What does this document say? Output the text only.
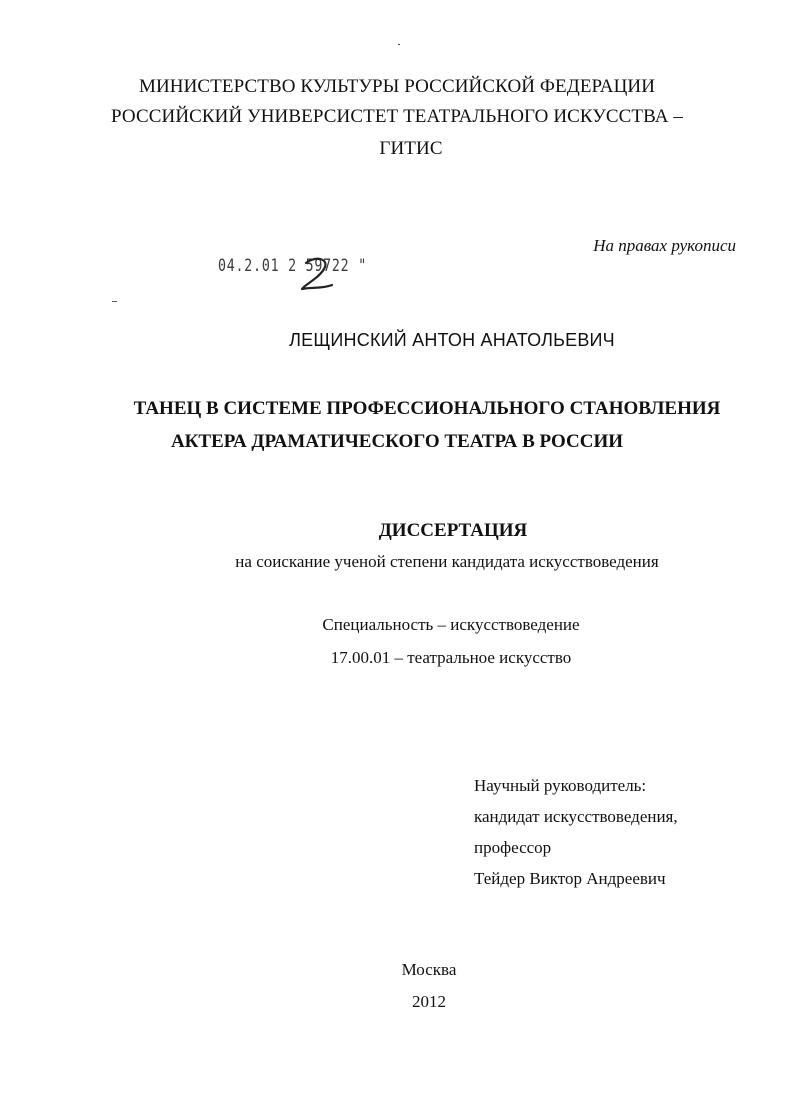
МИНИСТЕРСТВО КУЛЬТУРЫ РОССИЙСКОЙ ФЕДЕРАЦИИ
РОССИЙСКИЙ УНИВЕРСИСТЕТ ТЕАТРАЛЬНОГО ИСКУССТВА –
ГИТИС
На правах рукописи
04.2.01 2 59722 "
ЛЕЩИНСКИЙ АНТОН АНАТОЛЬЕВИЧ
ТАНЕЦ В СИСТЕМЕ ПРОФЕССИОНАЛЬНОГО СТАНОВЛЕНИЯ
АКТЕРА ДРАМАТИЧЕСКОГО ТЕАТРА В РОССИИ
ДИССЕРТАЦИЯ
на соискание ученой степени кандидата искусствоведения
Специальность – искусствоведение
17.00.01 – театральное искусство
Научный руководитель:
кандидат искусствоведения,
профессор
Тейдер Виктор Андреевич
Москва
2012
